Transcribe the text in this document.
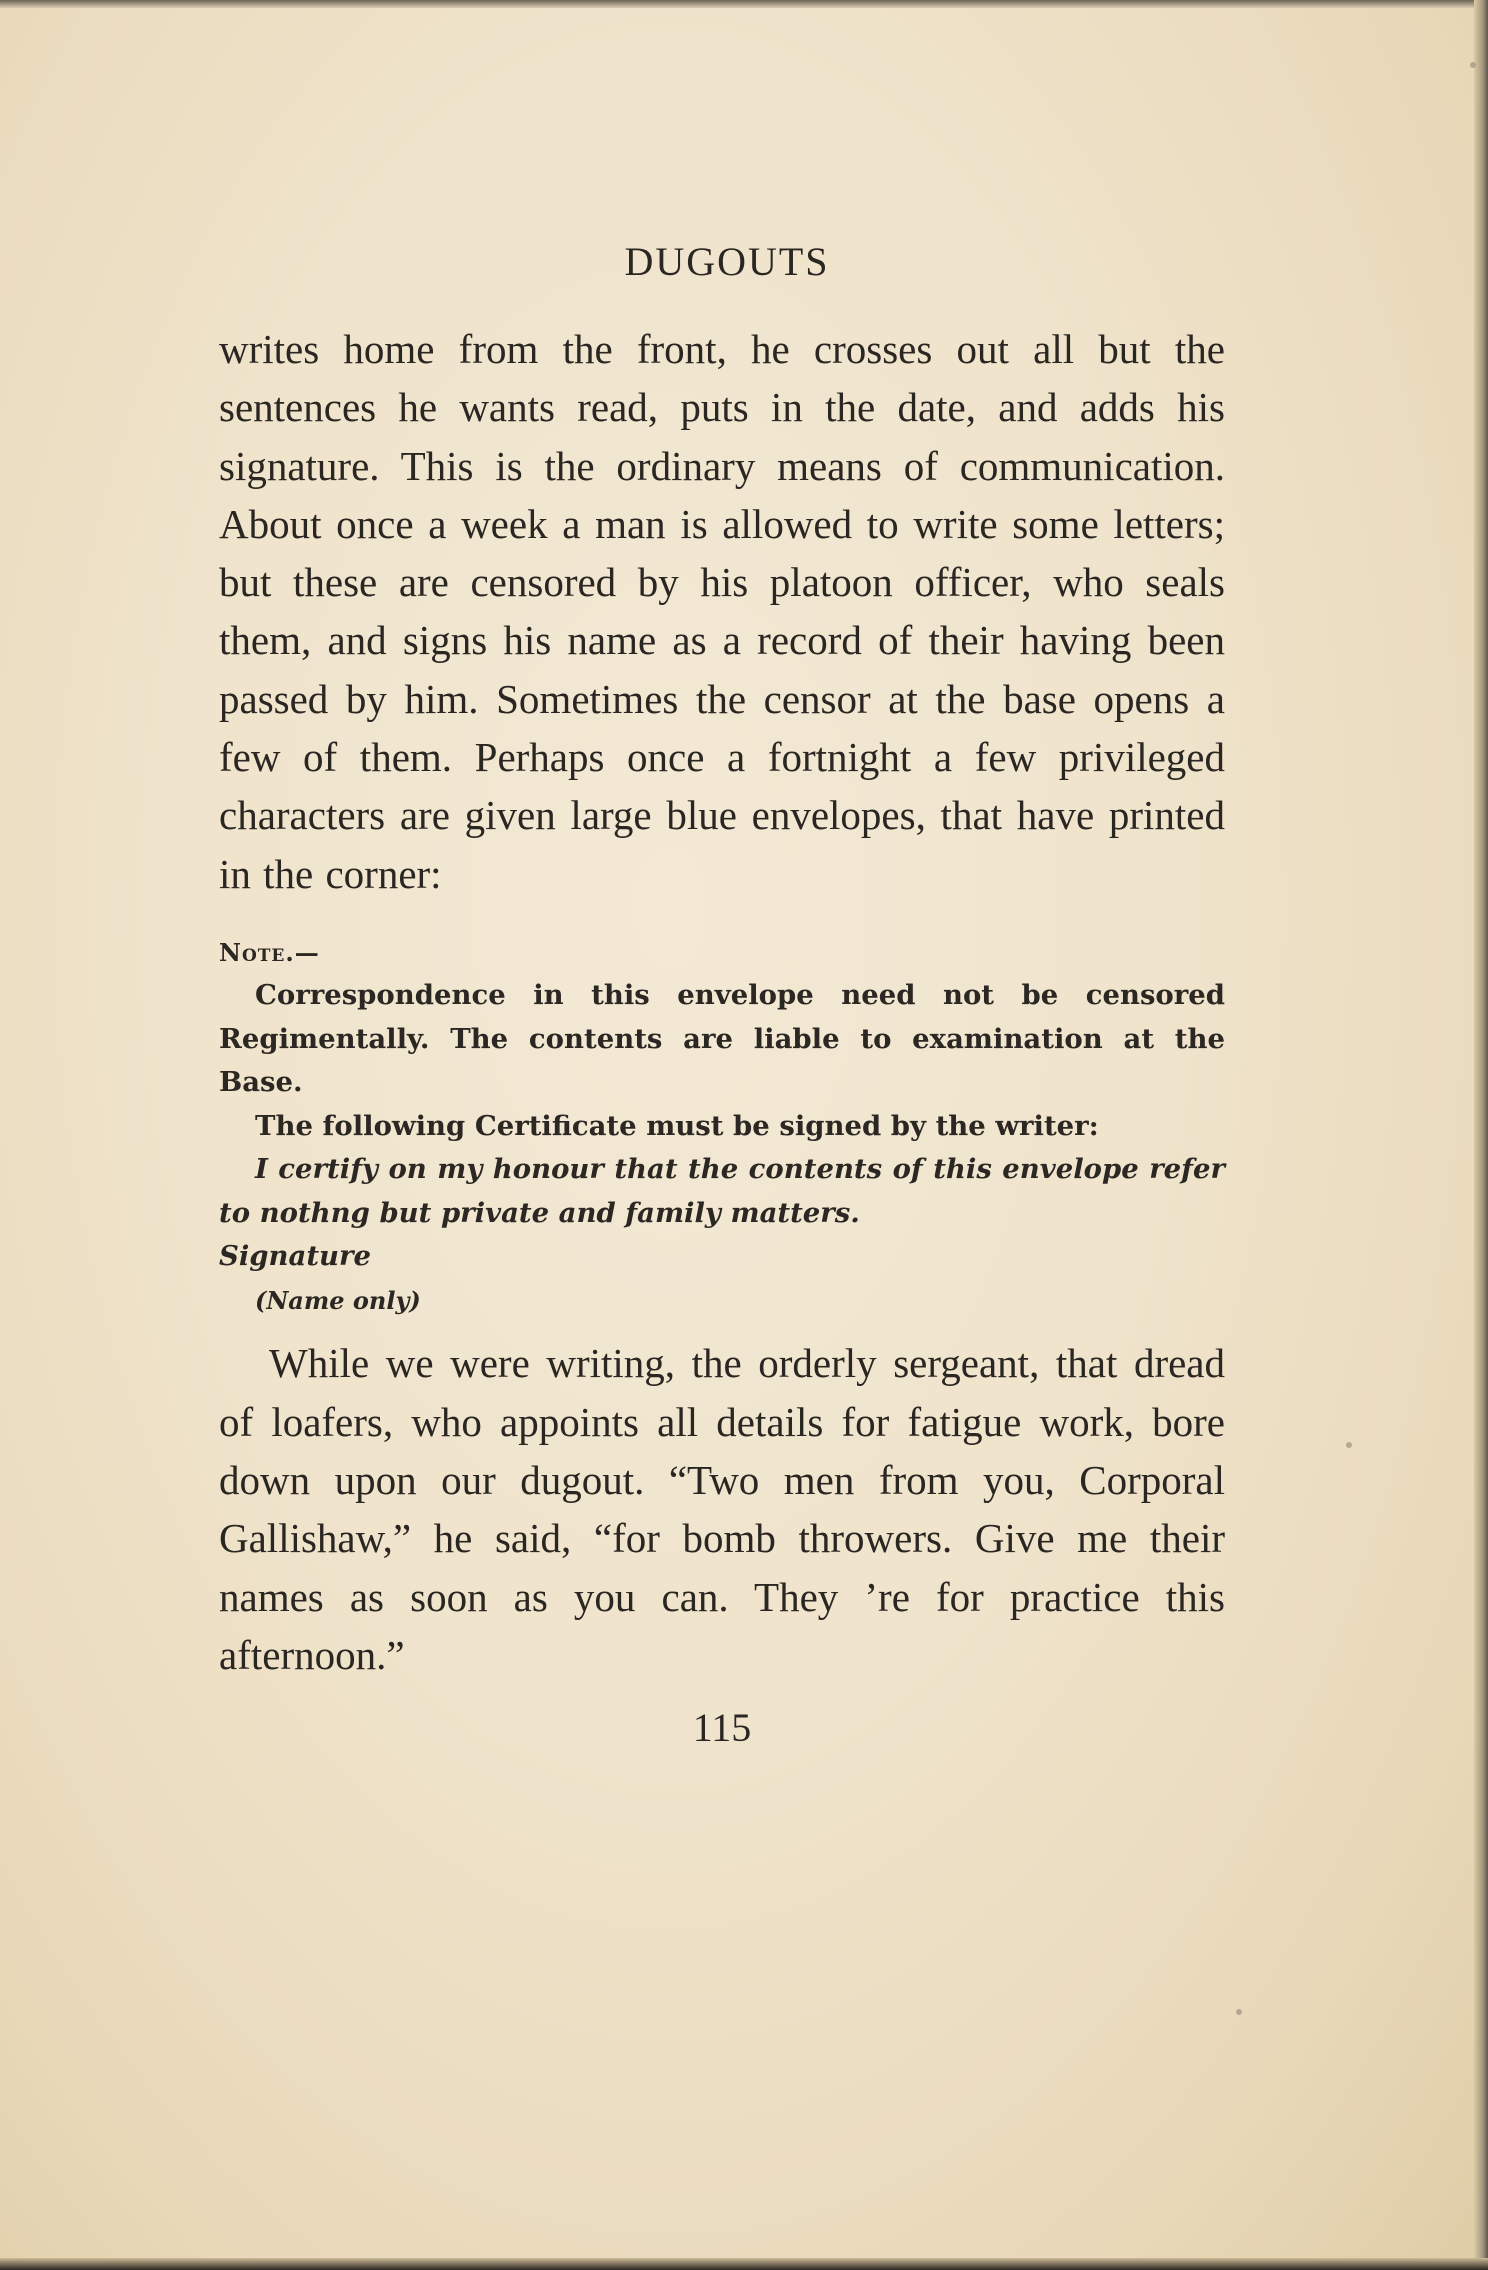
DUGOUTS

writes home from the front, he crosses out all but the sentences he wants read, puts in the date, and adds his signature. This is the ordinary means of communication. About once a week a man is allowed to write some letters; but these are censored by his platoon officer, who seals them, and signs his name as a record of their having been passed by him. Sometimes the censor at the base opens a few of them. Perhaps once a fortnight a few privileged characters are given large blue envelopes, that have printed in the corner:

Note.—
Correspondence in this envelope need not be censored Regimentally. The contents are liable to examination at the Base.
The following Certificate must be signed by the writer:
I certify on my honour that the contents of this envelope refer to nothng but private and family matters.
Signature
(Name only)

While we were writing, the orderly sergeant, that dread of loafers, who appoints all details for fatigue work, bore down upon our dugout. “Two men from you, Corporal Gallishaw,” he said, “for bomb throwers. Give me their names as soon as you can. They ’re for practice this afternoon.”

115
